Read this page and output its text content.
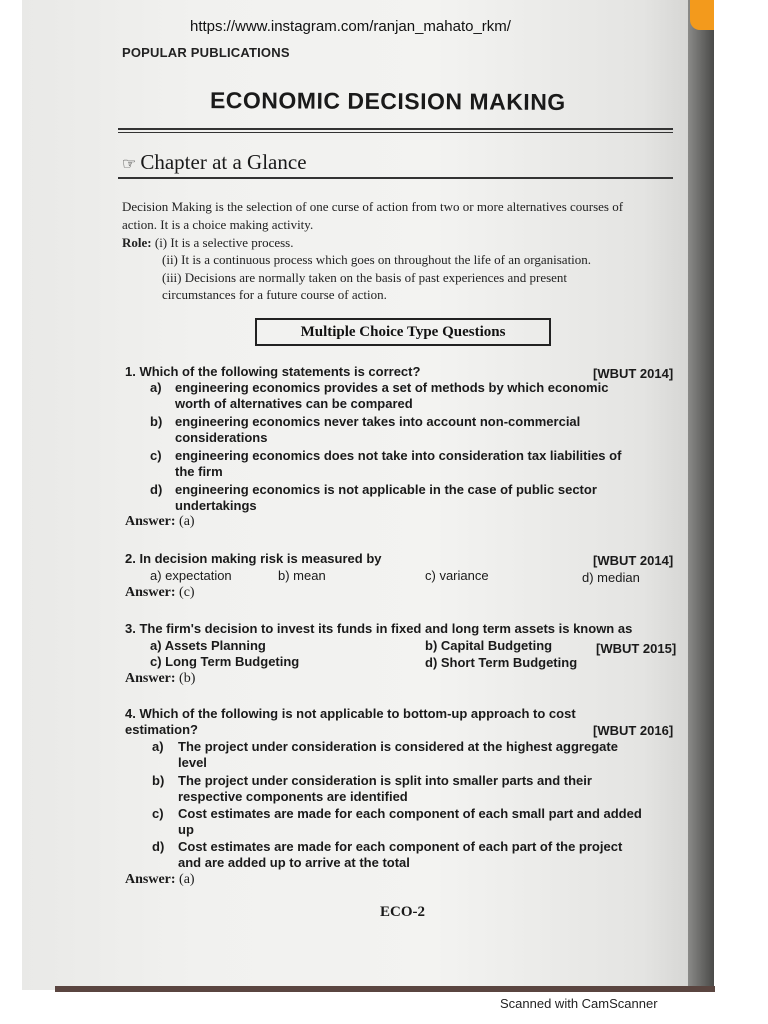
https://www.instagram.com/ranjan_mahato_rkm/
POPULAR PUBLICATIONS
ECONOMIC DECISION MAKING
☞ Chapter at a Glance
Decision Making is the selection of one curse of action from two or more alternatives courses of
action. It is a choice making activity.
Role: (i) It is a selective process.
(ii) It is a continuous process which goes on throughout the life of an organisation.
(iii) Decisions are normally taken on the basis of past experiences and present
circumstances for a future course of action.
Multiple Choice Type Questions
1. Which of the following statements is correct?	[WBUT 2014]
a) engineering economics provides a set of methods by which economic
worth of alternatives can be compared
b) engineering economics never takes into account non-commercial
considerations
c) engineering economics does not take into consideration tax liabilities of
the firm
d) engineering economics is not applicable in the case of public sector
undertakings
Answer: (a)
2. In decision making risk is measured by	[WBUT 2014]
a) expectation	b) mean	c) variance	d) median
Answer: (c)
3. The firm's decision to invest its funds in fixed and long term assets is known as
a) Assets Planning	b) Capital Budgeting	[WBUT 2015]
c) Long Term Budgeting	d) Short Term Budgeting
Answer: (b)
4. Which of the following is not applicable to bottom-up approach to cost
estimation?	[WBUT 2016]
a) The project under consideration is considered at the highest aggregate
level
b) The project under consideration is split into smaller parts and their
respective components are identified
c) Cost estimates are made for each component of each small part and added
up
d) Cost estimates are made for each component of each part of the project
and are added up to arrive at the total
Answer: (a)
ECO-2
Scanned with CamScanner
